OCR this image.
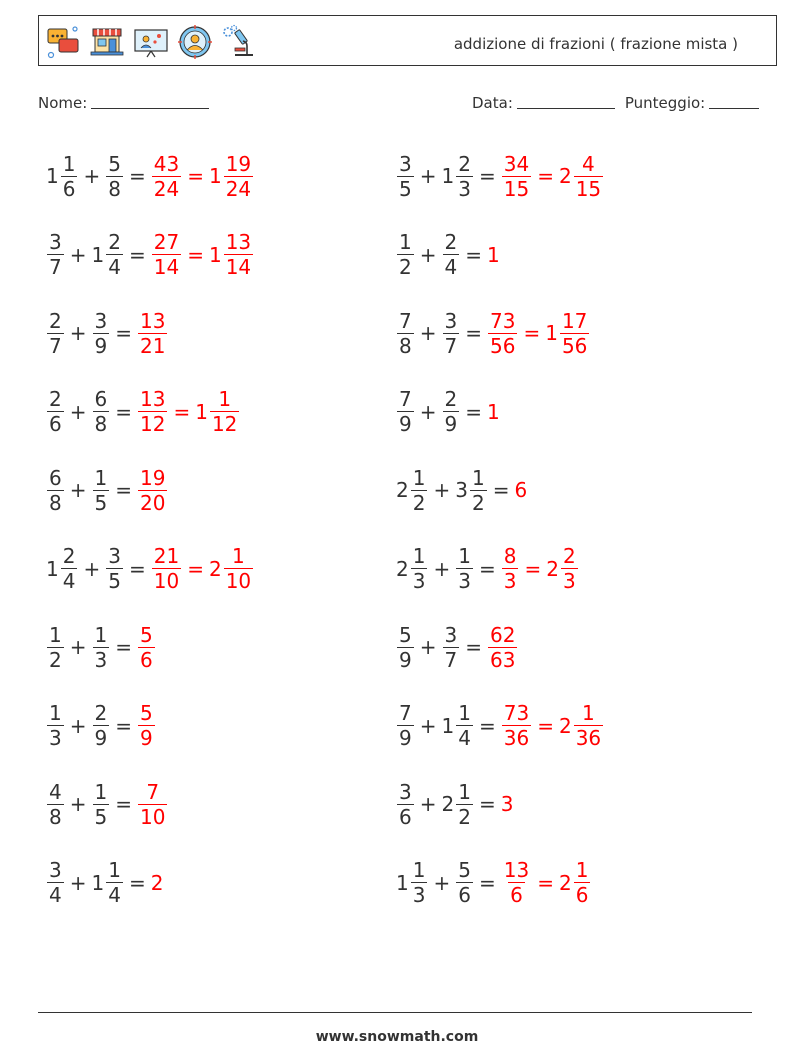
addizione di frazioni ( frazione mista )
Nome:	Data:	Punteggio:
$1 \frac{1}{6} + \frac{5}{8} = \frac{43}{24} = 1 \frac{19}{24}$
$\frac{3}{7} + 1 \frac{2}{4} = \frac{27}{14} = 1 \frac{13}{14}$
$\frac{2}{7} + \frac{3}{9} = \frac{13}{21}$
$\frac{2}{6} + \frac{6}{8} = \frac{13}{12} = 1 \frac{1}{12}$
$\frac{6}{8} + \frac{1}{5} = \frac{19}{20}$
$1 \frac{2}{4} + \frac{3}{5} = \frac{21}{10} = 2 \frac{1}{10}$
$\frac{1}{2} + \frac{1}{3} = \frac{5}{6}$
$\frac{1}{3} + \frac{2}{9} = \frac{5}{9}$
$\frac{4}{8} + \frac{1}{5} = \frac{7}{10}$
$\frac{3}{4} + 1 \frac{1}{4} = 2$
$\frac{3}{5} + 1 \frac{2}{3} = \frac{34}{15} = 2 \frac{4}{15}$
$\frac{1}{2} + \frac{2}{4} = 1$
$\frac{7}{8} + \frac{3}{7} = \frac{73}{56} = 1 \frac{17}{56}$
$\frac{7}{9} + \frac{2}{9} = 1$
$2 \frac{1}{2} + 3 \frac{1}{2} = 6$
$2 \frac{1}{3} + \frac{1}{3} = \frac{8}{3} = 2 \frac{2}{3}$
$\frac{5}{9} + \frac{3}{7} = \frac{62}{63}$
$\frac{7}{9} + 1 \frac{1}{4} = \frac{73}{36} = 2 \frac{1}{36}$
$\frac{3}{6} + 2 \frac{1}{2} = 3$
$1 \frac{1}{3} + \frac{5}{6} = \frac{13}{6} = 2 \frac{1}{6}$
www.snowmath.com
